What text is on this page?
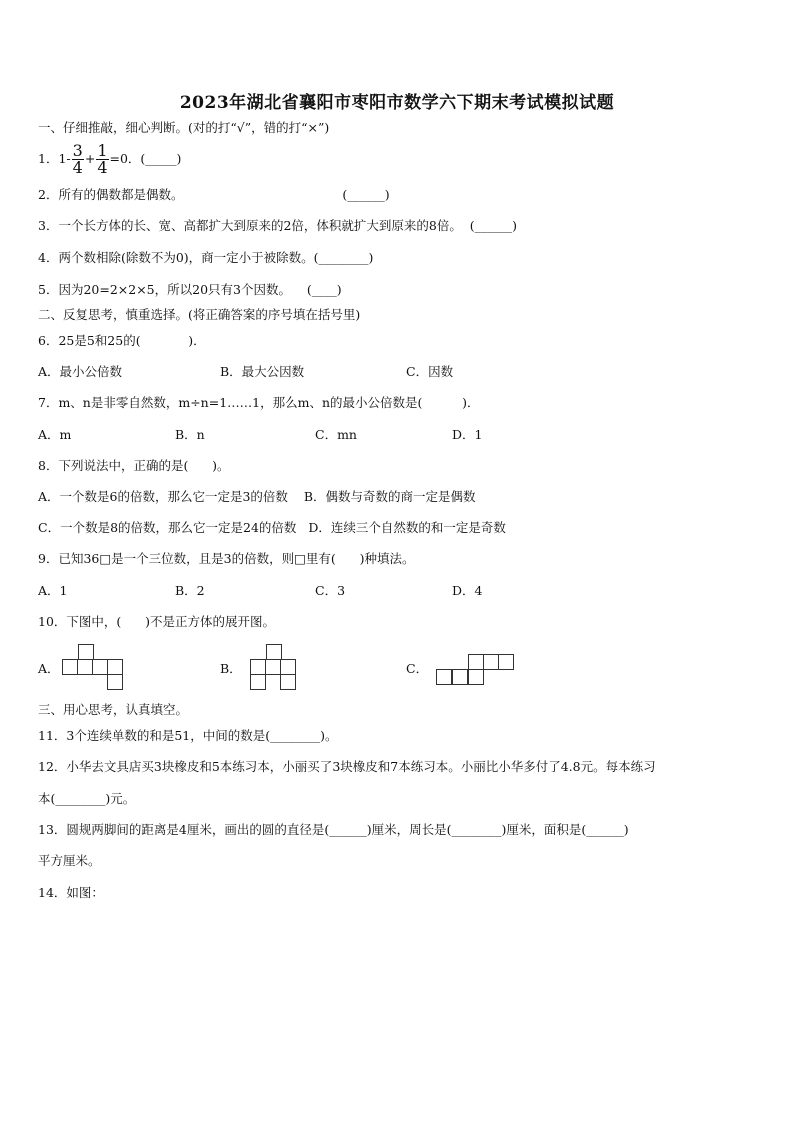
2023年湖北省襄阳市枣阳市数学六下期末考试模拟试题
一、仔细推敲，细心判断。(对的打“√”，错的打“×”)
1．$1- \frac{3}{4} + \frac{1}{4} =0$．(_____)
2．所有的偶数都是偶数。                                        (______)
3．一个长方体的长、宽、高都扩大到原来的2倍，体积就扩大到原来的8倍。  (______)
4．两个数相除(除数不为0)，商一定小于被除数。(________)
5．因为20=2×2×5，所以20只有3个因数。    (____)
二、反复思考，慎重选择。(将正确答案的序号填在括号里)
6．25是5和25的(            )．
A．最小公倍数	B．最大公因数	C．因数
7．m、n是非零自然数，m÷n=1……1，那么m、n的最小公倍数是(          )．
A．m	B．n	C．mn	D．1
8．下列说法中，正确的是(      )。
A．一个数是6的倍数，那么它一定是3的倍数    B．偶数与奇数的商一定是偶数
C．一个数是8的倍数，那么它一定是24的倍数   D．连续三个自然数的和一定是奇数
9．已知36□是一个三位数，且是3的倍数，则□里有(      )种填法。
A．1	B．2	C．3	D．4
10．下图中，(      )不是正方体的展开图。
A．	B．	C．
三、用心思考，认真填空。
11．3个连续单数的和是51，中间的数是(________)。
12．小华去文具店买3块橡皮和5本练习本，小丽买了3块橡皮和7本练习本。小丽比小华多付了4.8元。每本练习
本(________)元。
13．圆规两脚间的距离是4厘米，画出的圆的直径是(______)厘米，周长是(________)厘米，面积是(______)
平方厘米。
14．如图：
